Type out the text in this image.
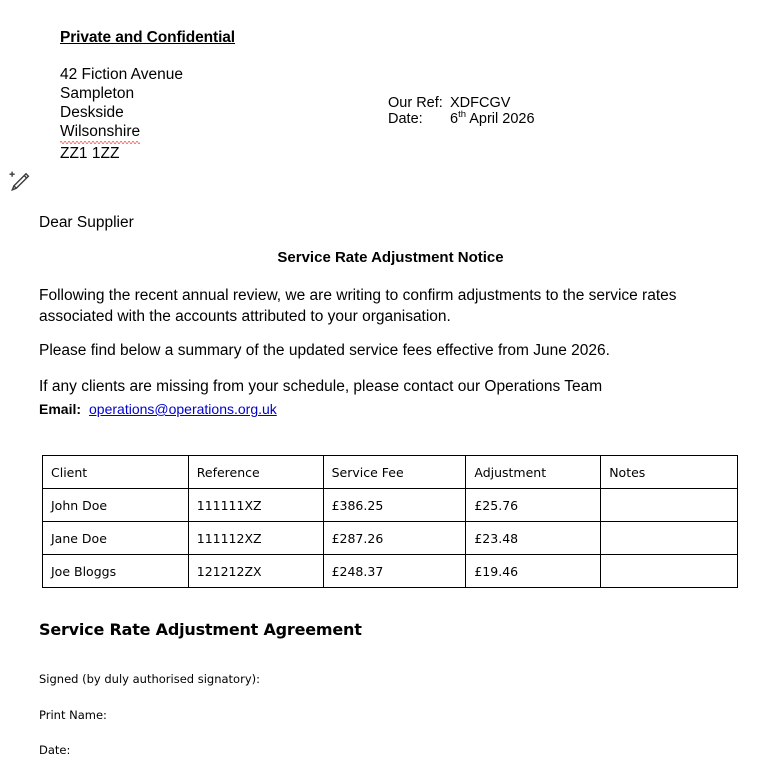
Private and Confidential
42 Fiction Avenue
Sampleton
Deskside
Wilsonshire
ZZ1 1ZZ
Our Ref: XDFCGV
Date: 6th April 2026
Dear Supplier
Service Rate Adjustment Notice
Following the recent annual review, we are writing to confirm adjustments to the service rates associated with the accounts attributed to your organisation.
Please find below a summary of the updated service fees effective from June 2026.
If any clients are missing from your schedule, please contact our Operations Team
Email: operations@operations.org.uk
Client	Reference	Service Fee	Adjustment	Notes
John Doe	111111XZ	£386.25	£25.76	
Jane Doe	111112XZ	£287.26	£23.48	
Joe Bloggs	121212ZX	£248.37	£19.46	
Service Rate Adjustment Agreement
Signed (by duly authorised signatory):
Print Name:
Date:
